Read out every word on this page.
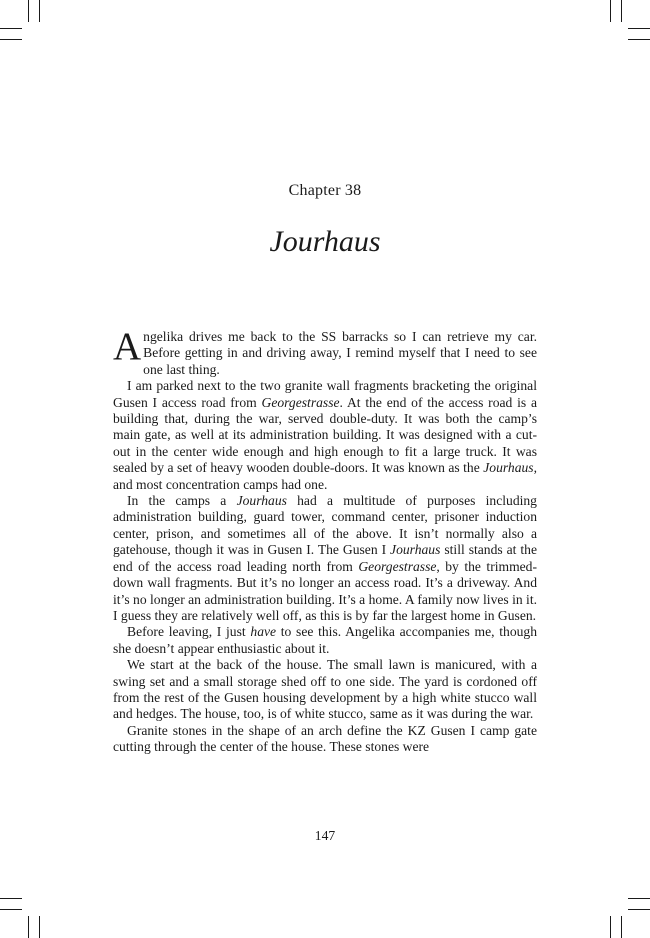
Chapter 38
Jourhaus

Angelika drives me back to the SS barracks so I can retrieve my car. Before getting in and driving away, I remind myself that I need to see one last thing.

I am parked next to the two granite wall fragments bracketing the original Gusen I access road from Georgestrasse. At the end of the access road is a building that, during the war, served double-duty. It was both the camp’s main gate, as well at its administration building. It was designed with a cut-out in the center wide enough and high enough to fit a large truck. It was sealed by a set of heavy wooden double-doors. It was known as the Jourhaus, and most concentration camps had one.

In the camps a Jourhaus had a multitude of purposes including administration building, guard tower, command center, prisoner induction center, prison, and sometimes all of the above. It isn’t normally also a gatehouse, though it was in Gusen I. The Gusen I Jourhaus still stands at the end of the access road leading north from Georgestrasse, by the trimmed-down wall fragments. But it’s no longer an access road. It’s a driveway. And it’s no longer an administration building. It’s a home. A family now lives in it. I guess they are relatively well off, as this is by far the largest home in Gusen.

Before leaving, I just have to see this. Angelika accompanies me, though she doesn’t appear enthusiastic about it.

We start at the back of the house. The small lawn is manicured, with a swing set and a small storage shed off to one side. The yard is cordoned off from the rest of the Gusen housing development by a high white stucco wall and hedges. The house, too, is of white stucco, same as it was during the war.

Granite stones in the shape of an arch define the KZ Gusen I camp gate cutting through the center of the house. These stones were

147
